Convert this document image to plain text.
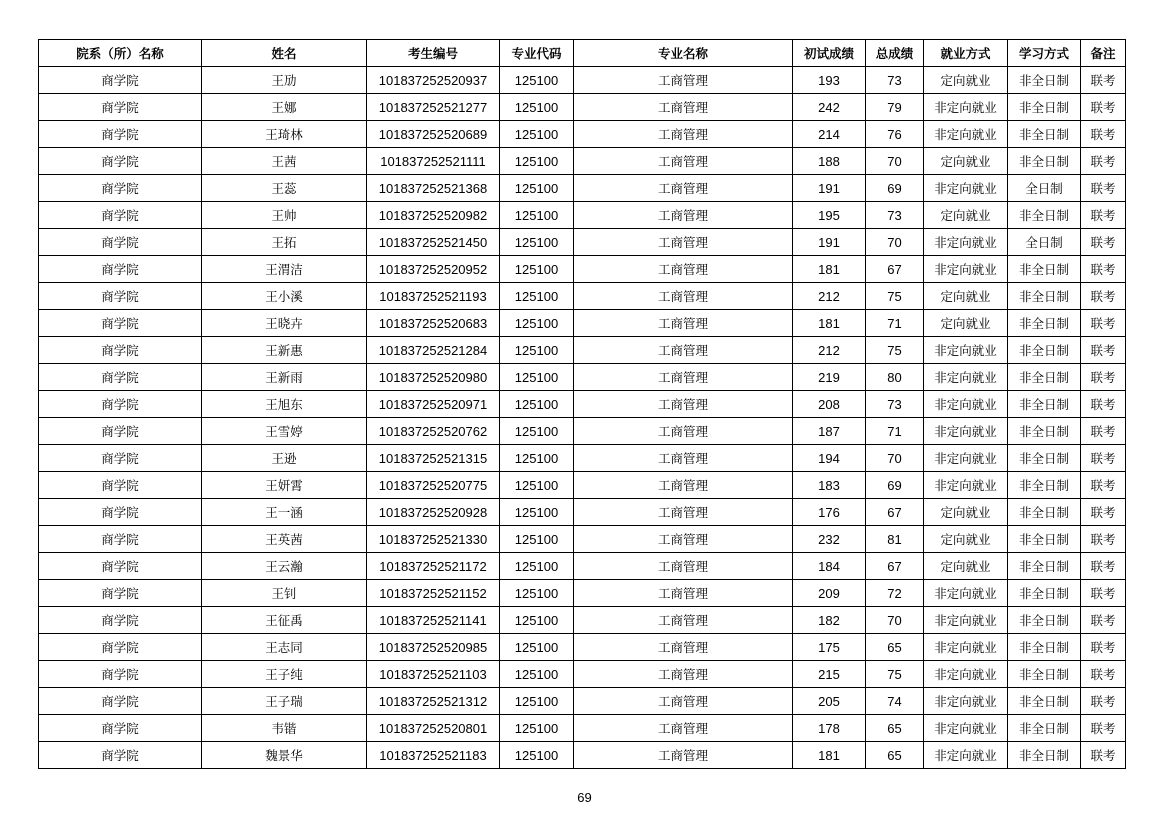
院系（所）名称	姓名	考生编号	专业代码	专业名称	初试成绩	总成绩	就业方式	学习方式	备注
商学院	王劢	101837252520937	125100	工商管理	193	73	定向就业	非全日制	联考
商学院	王娜	101837252521277	125100	工商管理	242	79	非定向就业	非全日制	联考
商学院	王琦林	101837252520689	125100	工商管理	214	76	非定向就业	非全日制	联考
商学院	王茜	101837252521111	125100	工商管理	188	70	定向就业	非全日制	联考
商学院	王蕊	101837252521368	125100	工商管理	191	69	非定向就业	全日制	联考
商学院	王帅	101837252520982	125100	工商管理	195	73	定向就业	非全日制	联考
商学院	王拓	101837252521450	125100	工商管理	191	70	非定向就业	全日制	联考
商学院	王渭洁	101837252520952	125100	工商管理	181	67	非定向就业	非全日制	联考
商学院	王小溪	101837252521193	125100	工商管理	212	75	定向就业	非全日制	联考
商学院	王晓卉	101837252520683	125100	工商管理	181	71	定向就业	非全日制	联考
商学院	王新惠	101837252521284	125100	工商管理	212	75	非定向就业	非全日制	联考
商学院	王新雨	101837252520980	125100	工商管理	219	80	非定向就业	非全日制	联考
商学院	王旭东	101837252520971	125100	工商管理	208	73	非定向就业	非全日制	联考
商学院	王雪婷	101837252520762	125100	工商管理	187	71	非定向就业	非全日制	联考
商学院	王逊	101837252521315	125100	工商管理	194	70	非定向就业	非全日制	联考
商学院	王妍霄	101837252520775	125100	工商管理	183	69	非定向就业	非全日制	联考
商学院	王一涵	101837252520928	125100	工商管理	176	67	定向就业	非全日制	联考
商学院	王英茜	101837252521330	125100	工商管理	232	81	定向就业	非全日制	联考
商学院	王云瀚	101837252521172	125100	工商管理	184	67	定向就业	非全日制	联考
商学院	王钊	101837252521152	125100	工商管理	209	72	非定向就业	非全日制	联考
商学院	王征禹	101837252521141	125100	工商管理	182	70	非定向就业	非全日制	联考
商学院	王志同	101837252520985	125100	工商管理	175	65	非定向就业	非全日制	联考
商学院	王子纯	101837252521103	125100	工商管理	215	75	非定向就业	非全日制	联考
商学院	王子瑞	101837252521312	125100	工商管理	205	74	非定向就业	非全日制	联考
商学院	韦锴	101837252520801	125100	工商管理	178	65	非定向就业	非全日制	联考
商学院	魏景华	101837252521183	125100	工商管理	181	65	非定向就业	非全日制	联考
69
